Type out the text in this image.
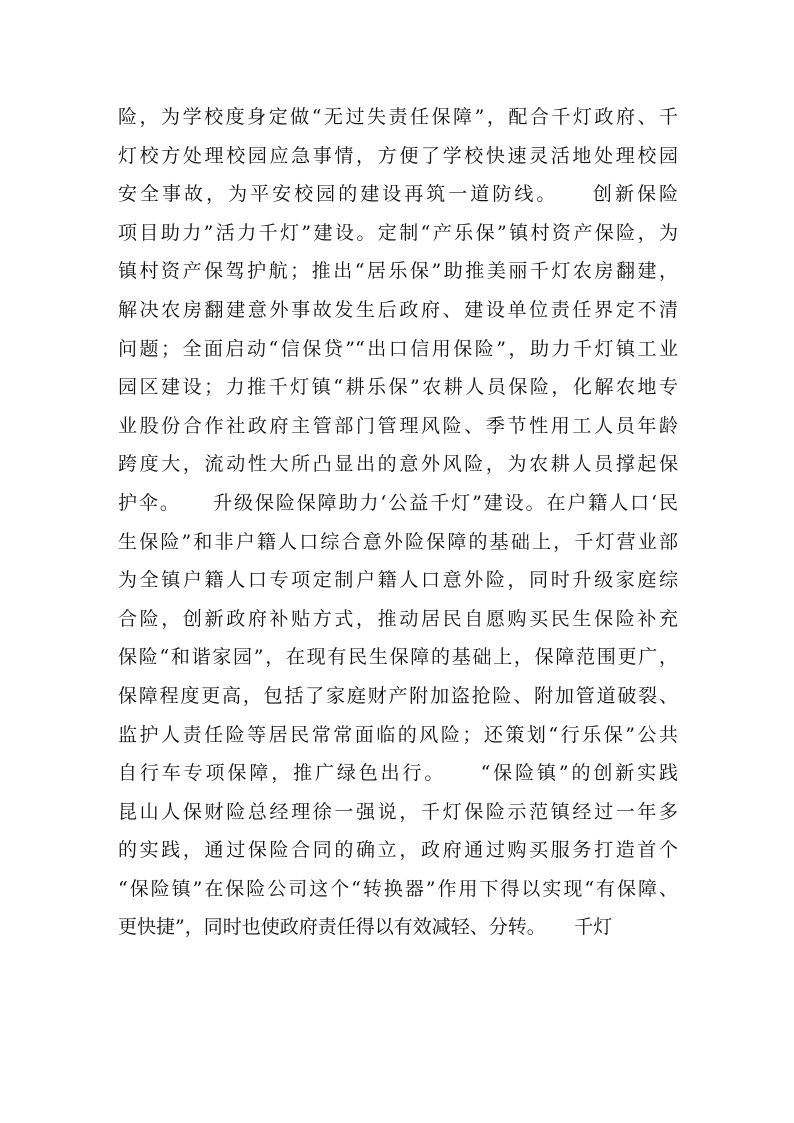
险，为学校度身定做“无过失责任保障”，配合千灯政府、千
灯校方处理校园应急事情，方便了学校快速灵活地处理校园
安全事故，为平安校园的建设再筑一道防线。　　创新保险
项目助力”活力千灯”建设。定制“产乐保”镇村资产保险，为
镇村资产保驾护航；推出“居乐保”助推美丽千灯农房翻建，
解决农房翻建意外事故发生后政府、建设单位责任界定不清
问题；全面启动“信保贷”“出口信用保险”，助力千灯镇工业
园区建设；力推千灯镇“耕乐保”农耕人员保险，化解农地专
业股份合作社政府主管部门管理风险、季节性用工人员年龄
跨度大，流动性大所凸显出的意外风险，为农耕人员撑起保
护伞。　　升级保险保障助力‘公益千灯”建设。在户籍人口‘民
生保险”和非户籍人口综合意外险保障的基础上，千灯营业部
为全镇户籍人口专项定制户籍人口意外险，同时升级家庭综
合险，创新政府补贴方式，推动居民自愿购买民生保险补充
保险“和谐家园”，在现有民生保障的基础上，保障范围更广，
保障程度更高，包括了家庭财产附加盗抢险、附加管道破裂、
监护人责任险等居民常常面临的风险；还策划“行乐保”公共
自行车专项保障，推广绿色出行。　　“保险镇”的创新实践
昆山人保财险总经理徐一强说，千灯保险示范镇经过一年多
的实践，通过保险合同的确立，政府通过购买服务打造首个
“保险镇”在保险公司这个“转换器”作用下得以实现“有保障、
更快捷”，同时也使政府责任得以有效减轻、分转。　　千灯
